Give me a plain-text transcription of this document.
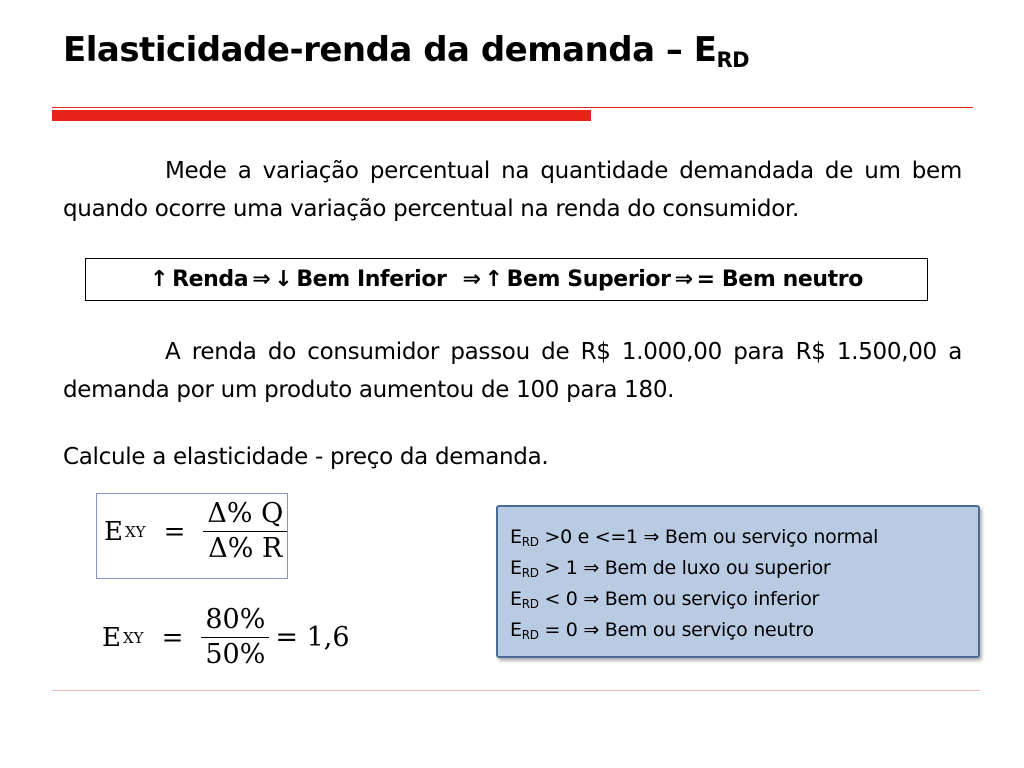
Elasticidade-renda da demanda – $E_{RD}$

Mede a variação percentual na quantidade demandada de um bem quando ocorre uma variação percentual na renda do consumidor.

↑ Renda ⇒ ↓ Bem Inferior ⇒ ↑ Bem Superior ⇒ = Bem neutro

A renda do consumidor passou de R$ 1.000,00 para R$ 1.500,00 a demanda por um produto aumentou de 100 para 180.

Calcule a elasticidade - preço da demanda.

E XY = $\frac{\Delta\% Q}{\Delta\% R}$
E XY = $\frac{80\%}{50\%} = 1,6$
$E_{RD} >0$ e <=1 ⇒ Bem ou serviço normal
$E_{RD} > 1$ ⇒ Bem de luxo ou superior
$E_{RD} < 0$ ⇒ Bem ou serviço inferior
$E_{RD} = 0$ ⇒ Bem ou serviço neutro
